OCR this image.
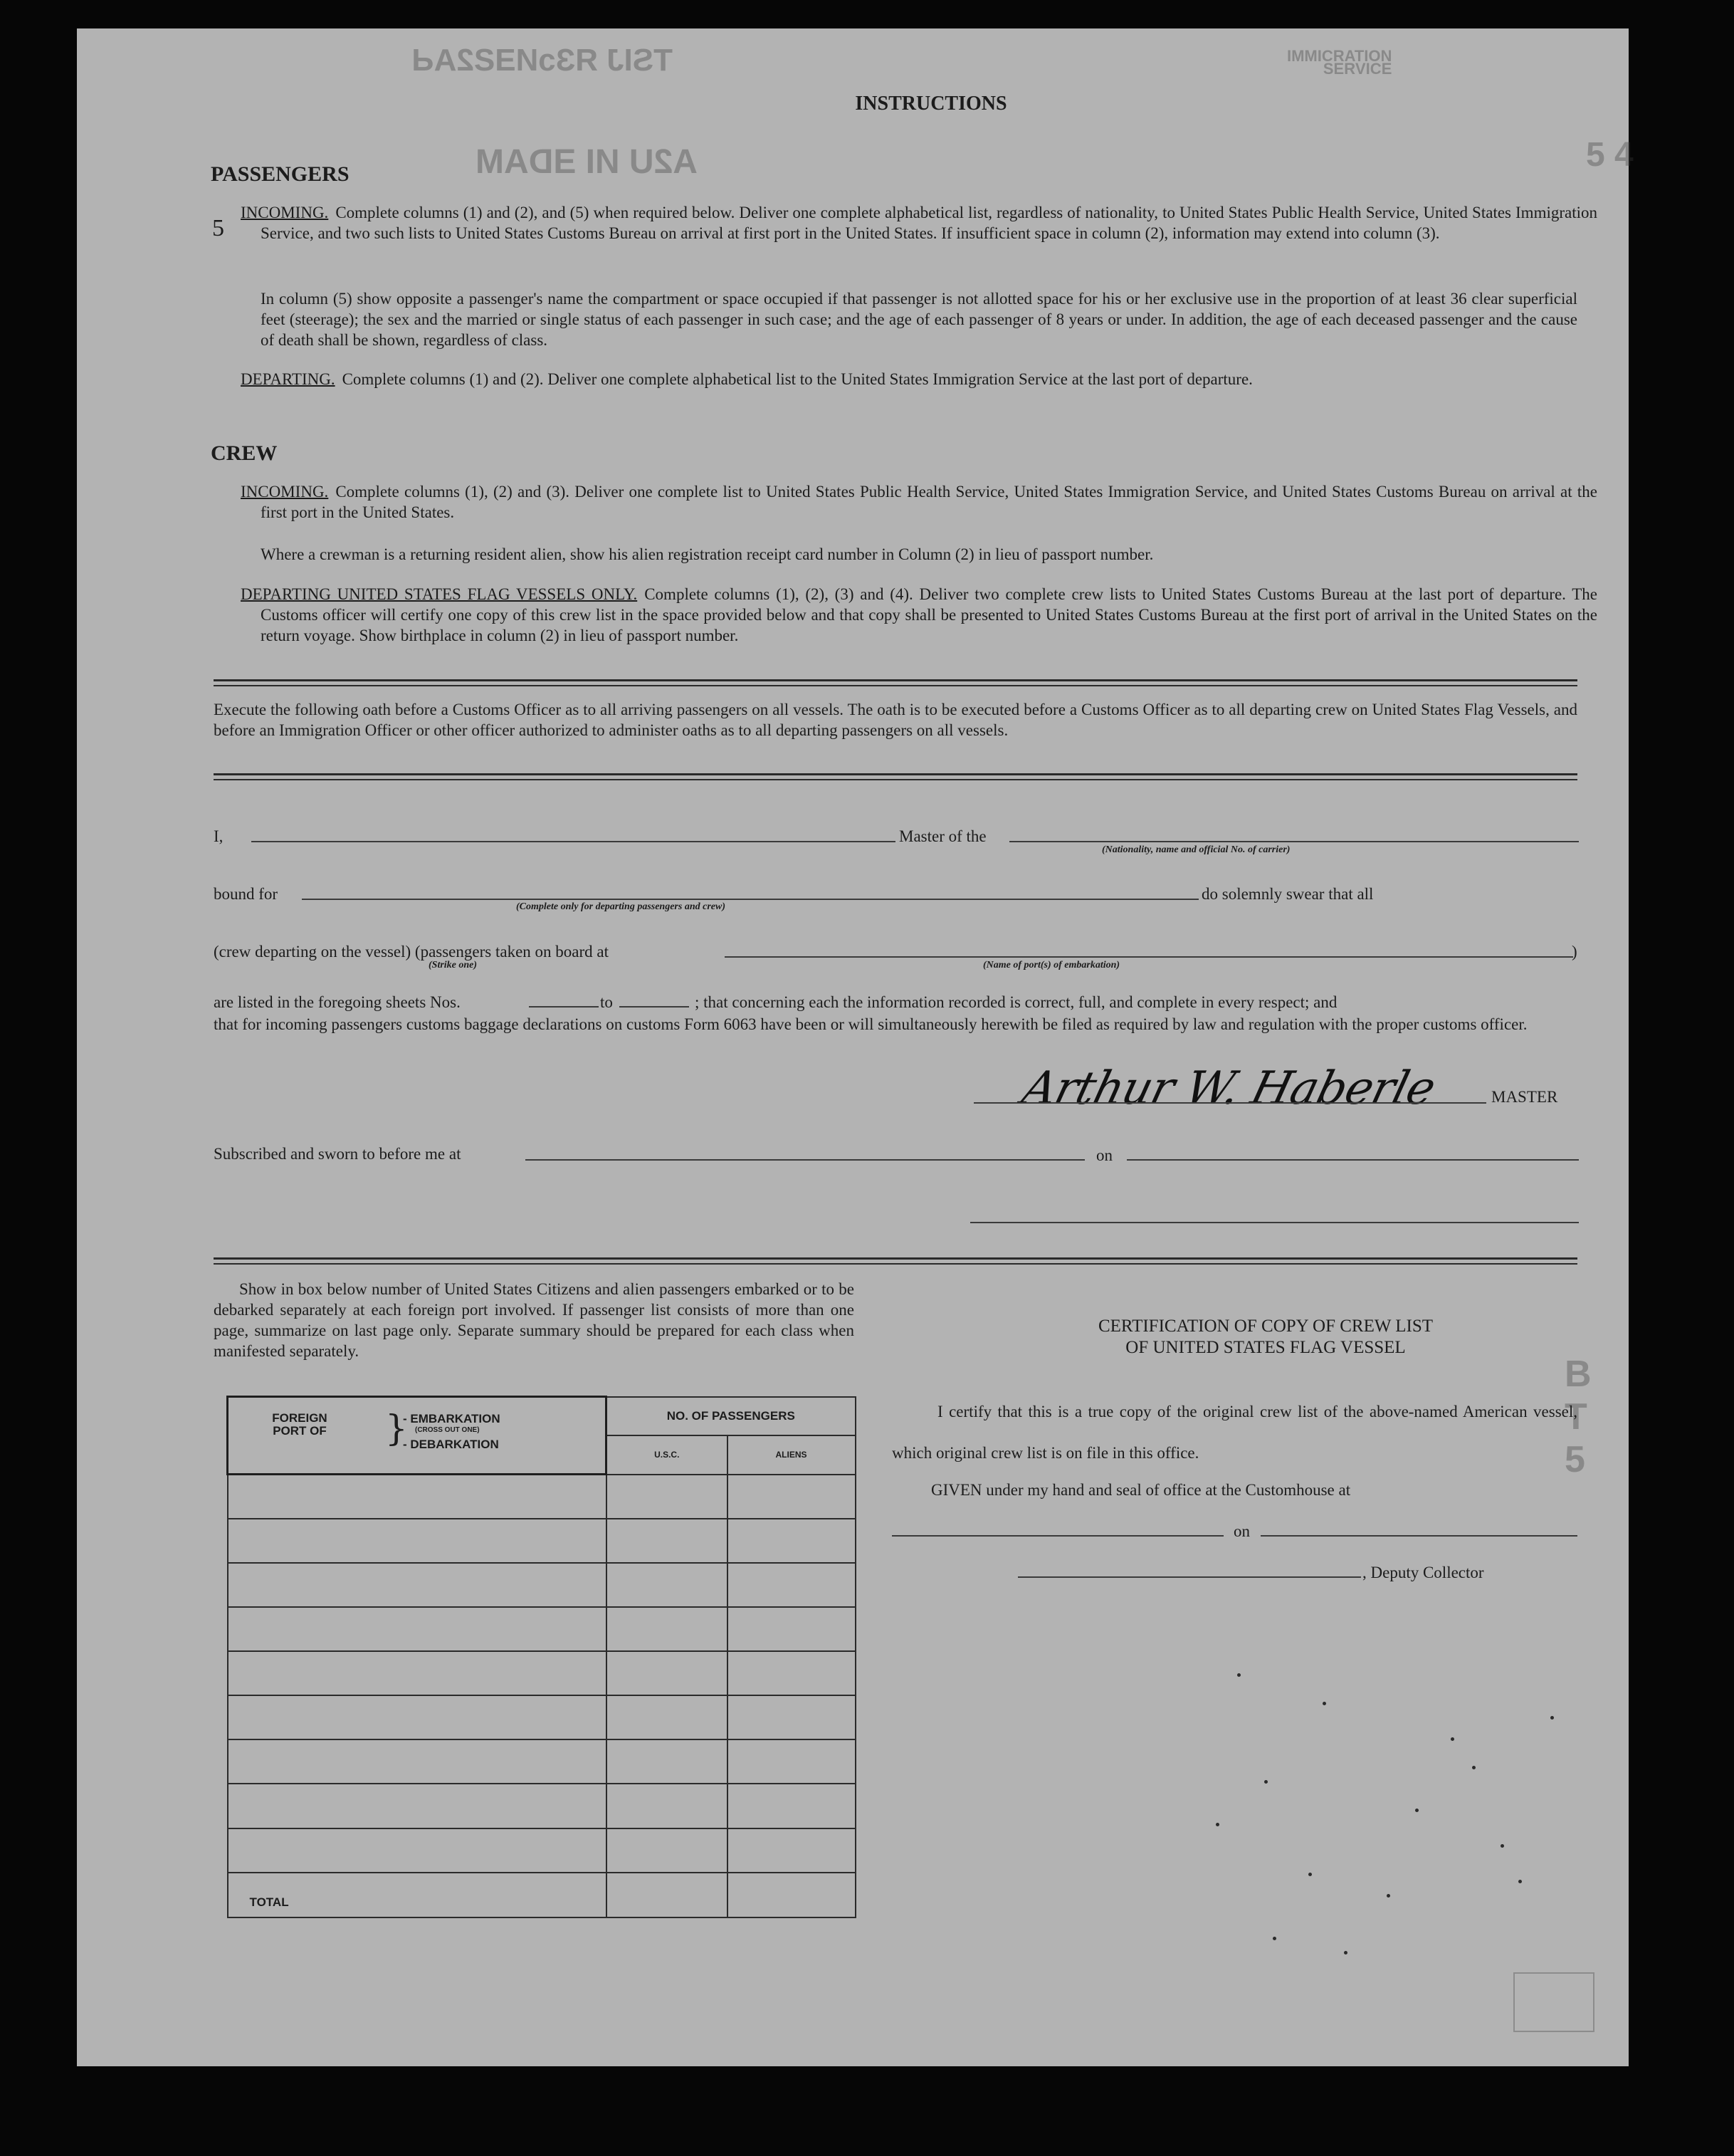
TSIJ ЯЗᴐИƎƧ2AԀ
A2U ИI ƎDAM
ИOITAЯƆIMMI
ƎƆIVЯƎƧ
5 4
B
T
5
INSTRUCTIONS
PASSENGERS
5
INCOMING. Complete columns (1) and (2), and (5) when required below. Deliver one complete alphabetical list, regardless of nationality, to United States Public Health Service, United States Immigration Service, and two such lists to United States Customs Bureau on arrival at first port in the United States. If insufficient space in column (2), information may extend into column (3).
In column (5) show opposite a passenger's name the compartment or space occupied if that passenger is not allotted space for his or her exclusive use in the proportion of at least 36 clear superficial feet (steerage); the sex and the married or single status of each passenger in such case; and the age of each passenger of 8 years or under. In addition, the age of each deceased passenger and the cause of death shall be shown, regardless of class.
DEPARTING. Complete columns (1) and (2). Deliver one complete alphabetical list to the United States Immigration Service at the last port of departure.
CREW
INCOMING. Complete columns (1), (2) and (3). Deliver one complete list to United States Public Health Service, United States Immigration Service, and United States Customs Bureau on arrival at the first port in the United States.
Where a crewman is a returning resident alien, show his alien registration receipt card number in Column (2) in lieu of passport number.
DEPARTING UNITED STATES FLAG VESSELS ONLY. Complete columns (1), (2), (3) and (4). Deliver two complete crew lists to United States Customs Bureau at the last port of departure. The Customs officer will certify one copy of this crew list in the space provided below and that copy shall be presented to United States Customs Bureau at the first port of arrival in the United States on the return voyage. Show birthplace in column (2) in lieu of passport number.
Execute the following oath before a Customs Officer as to all arriving passengers on all vessels. The oath is to be executed before a Customs Officer as to all departing crew on United States Flag Vessels, and before an Immigration Officer or other officer authorized to administer oaths as to all departing passengers on all vessels.
I,	Master of the
(Nationality, name and official No. of carrier)
bound for
(Complete only for departing passengers and crew)
do solemnly swear that all
(crew departing on the vessel) (passengers taken on board at	)
(Strike one)	(Name of port(s) of embarkation)
are listed in the foregoing sheets Nos.	to	; that concerning each the information recorded is correct, full, and complete in every respect; and
that for incoming passengers customs baggage declarations on customs Form 6063 have been or will simultaneously herewith be filed as required by law and regulation with the proper customs officer.
Arthur W. Haberle	MASTER
Subscribed and sworn to before me at	on
Show in box below number of United States Citizens and alien passengers embarked or to be debarked separately at each foreign port involved. If passenger list consists of more than one page, summarize on last page only. Separate summary should be prepared for each class when manifested separately.
FOREIGN PORT OF }
- EMBARKATION
(CROSS OUT ONE)
- DEBARKATION	NO. OF PASSENGERS	
	U.S.C.	ALIENS

TOTAL		
CERTIFICATION OF COPY OF CREW LIST
OF UNITED STATES FLAG VESSEL
I certify that this is a true copy of the original crew list of the above-named American vessel, which original crew list is on file in this office.
GIVEN under my hand and seal of office at the Customhouse at
on
, Deputy Collector
